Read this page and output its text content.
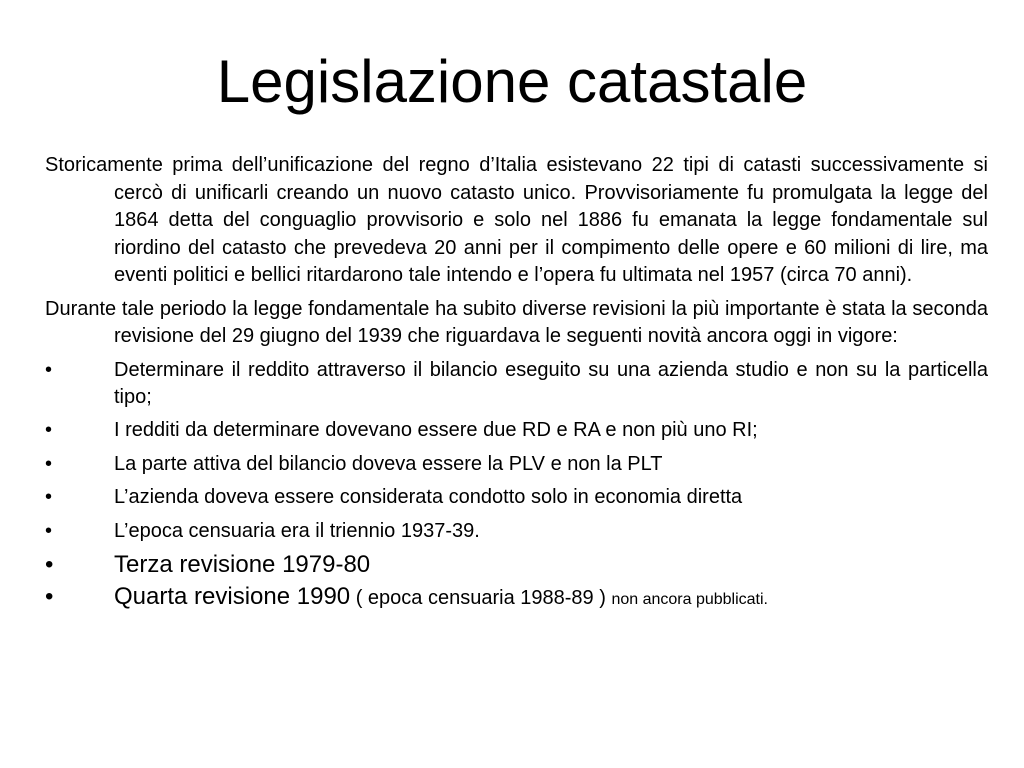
Legislazione catastale

Storicamente prima dell’unificazione del regno d’Italia esistevano 22 tipi di catasti successivamente si cercò di unificarli creando un nuovo catasto unico. Provvisoriamente fu promulgata la legge del 1864 detta del conguaglio provvisorio e solo nel 1886 fu emanata la legge fondamentale sul riordino del catasto che prevedeva 20 anni per il compimento delle opere e 60 milioni di lire, ma eventi politici e bellici ritardarono tale intendo e l’opera fu ultimata nel 1957 (circa 70 anni).

Durante tale periodo la legge fondamentale ha subito diverse revisioni la più importante è stata la seconda revisione del 29 giugno del 1939 che riguardava le seguenti novità ancora oggi in vigore:

•	Determinare il reddito attraverso il bilancio eseguito su una azienda studio e non su la particella tipo;
•	I redditi da determinare dovevano essere due RD e RA e non più uno RI;
•	La parte attiva del bilancio doveva essere la PLV e non la PLT
•	L’azienda doveva essere considerata condotto solo in economia diretta
•	L’epoca censuaria era il triennio 1937-39.
•	Terza revisione 1979-80
•	Quarta revisione 1990 ( epoca censuaria 1988-89 ) non ancora pubblicati.
